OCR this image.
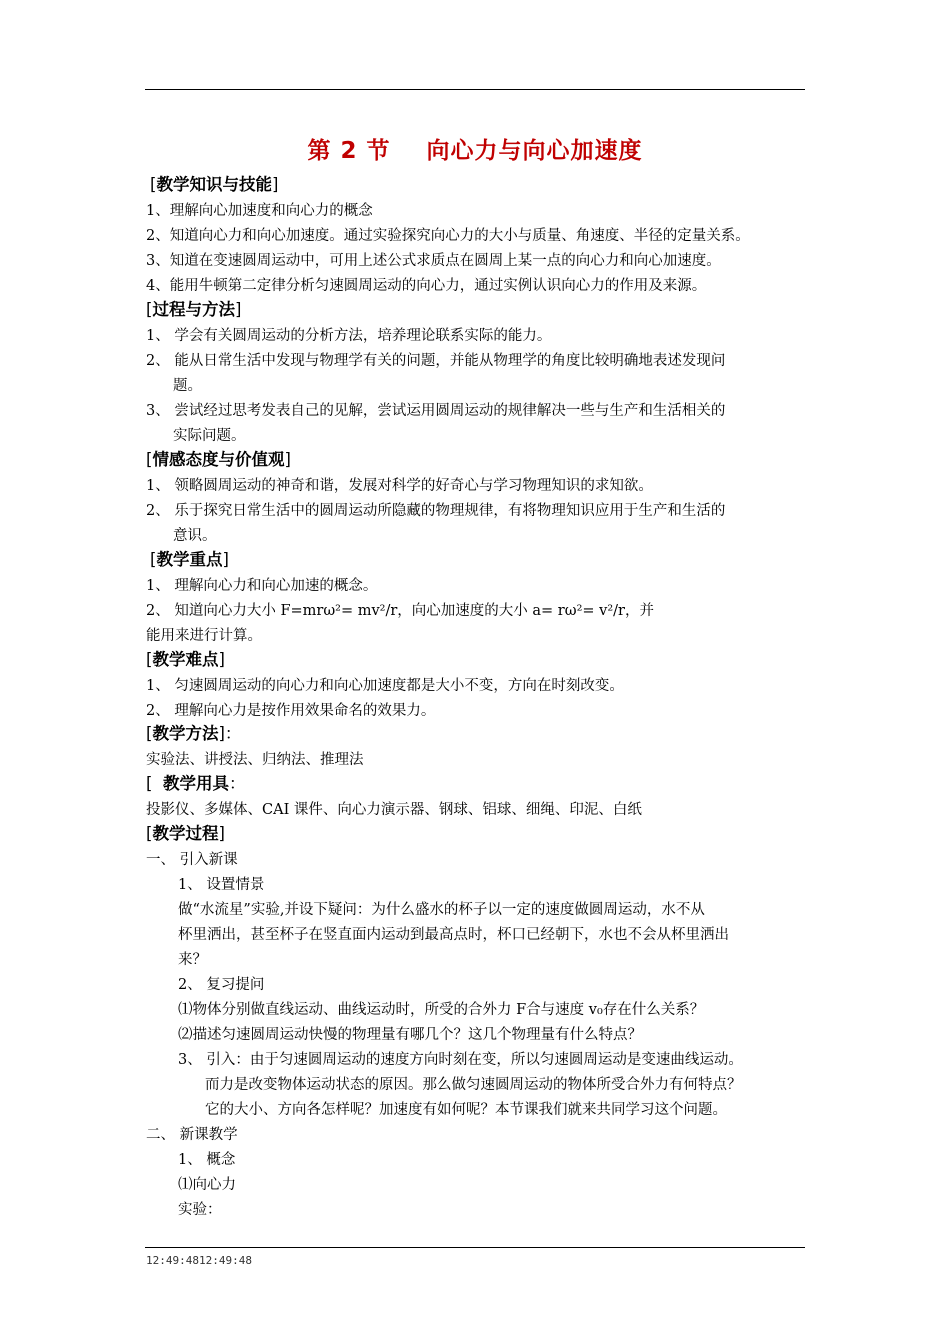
第 2 节    向心力与向心加速度
[教学知识与技能]
1、理解向心加速度和向心力的概念
2、知道向心力和向心加速度。通过实验探究向心力的大小与质量、角速度、半径的定量关系。
3、知道在变速圆周运动中，可用上述公式求质点在圆周上某一点的向心力和向心加速度。
4、能用牛顿第二定律分析匀速圆周运动的向心力，通过实例认识向心力的作用及来源。
[过程与方法]
1、 学会有关圆周运动的分析方法，培养理论联系实际的能力。
2、 能从日常生活中发现与物理学有关的问题，并能从物理学的角度比较明确地表述发现问
题。
3、 尝试经过思考发表自己的见解，尝试运用圆周运动的规律解决一些与生产和生活相关的
实际问题。
[情感态度与价值观]
1、 领略圆周运动的神奇和谐，发展对科学的好奇心与学习物理知识的求知欲。
2、 乐于探究日常生活中的圆周运动所隐藏的物理规律，有将物理知识应用于生产和生活的
意识。
[教学重点]
1、 理解向心力和向心加速的概念。
2、 知道向心力大小 F=mrω²= mv²/r，向心加速度的大小 a= rω²= v²/r，并
能用来进行计算。
[教学难点]
1、 匀速圆周运动的向心力和向心加速度都是大小不变，方向在时刻改变。
2、 理解向心力是按作用效果命名的效果力。
[教学方法]：
实验法、讲授法、归纳法、推理法
[  教学用具：
投影仪、多媒体、CAI 课件、向心力演示器、钢球、铝球、细绳、印泥、白纸
[教学过程]
一、 引入新课
1、 设置情景
做“水流星”实验,并设下疑问：为什么盛水的杯子以一定的速度做圆周运动，水不从
杯里洒出，甚至杯子在竖直面内运动到最高点时，杯口已经朝下，水也不会从杯里洒出
来？
2、 复习提问
⑴物体分别做直线运动、曲线运动时，所受的合外力 F合与速度 v₀存在什么关系？
⑵描述匀速圆周运动快慢的物理量有哪几个？这几个物理量有什么特点？
3、 引入：由于匀速圆周运动的速度方向时刻在变，所以匀速圆周运动是变速曲线运动。
而力是改变物体运动状态的原因。那么做匀速圆周运动的物体所受合外力有何特点？
它的大小、方向各怎样呢？加速度有如何呢？本节课我们就来共同学习这个问题。
二、 新课教学
1、 概念
⑴向心力
实验：
12:49:4812:49:48
